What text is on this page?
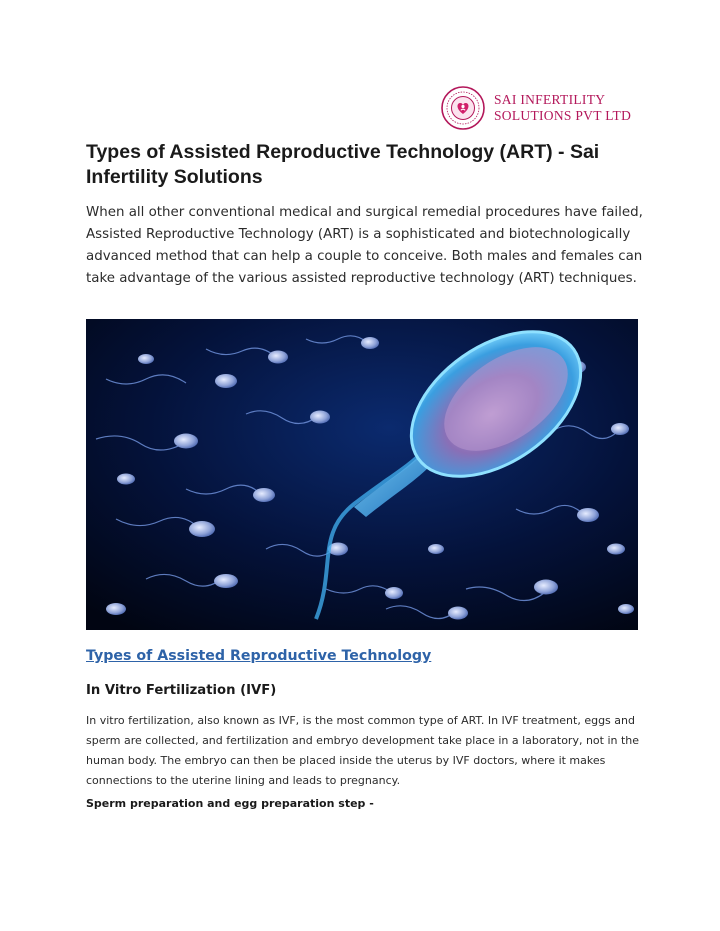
SAI INFERTILITY
SOLUTIONS PVT LTD
Types of Assisted Reproductive Technology (ART) - Sai Infertility Solutions

When all other conventional medical and surgical remedial procedures have failed, Assisted Reproductive Technology (ART) is a sophisticated and biotechnologically advanced method that can help a couple to conceive. Both males and females can take advantage of the various assisted reproductive technology (ART) techniques.

Types of Assisted Reproductive Technology
In Vitro Fertilization (IVF)

In vitro fertilization, also known as IVF, is the most common type of ART. In IVF treatment, eggs and sperm are collected, and fertilization and embryo development take place in a laboratory, not in the human body. The embryo can then be placed inside the uterus by IVF doctors, where it makes connections to the uterine lining and leads to pregnancy.

Sperm preparation and egg preparation step -
